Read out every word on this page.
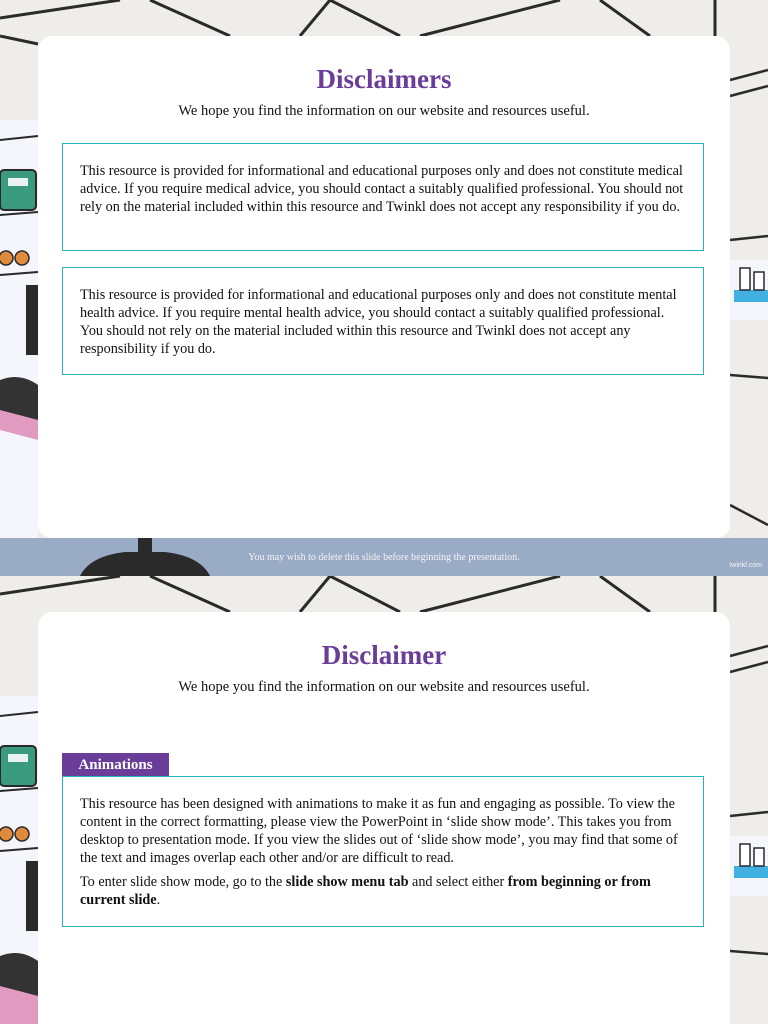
Disclaimers

We hope you find the information on our website and resources useful.

This resource is provided for informational and educational purposes only and does not constitute medical advice. If you require medical advice, you should contact a suitably qualified professional. You should not rely on the material included within this resource and Twinkl does not accept any responsibility if you do.

This resource is provided for informational and educational purposes only and does not constitute mental health advice. If you require mental health advice, you should contact a suitably qualified professional. You should not rely on the material included within this resource and Twinkl does not accept any responsibility if you do.

You may wish to delete this slide before beginning the presentation.
twinkl.com
Disclaimer

We hope you find the information on our website and resources useful.

Animations

This resource has been designed with animations to make it as fun and engaging as possible. To view the content in the correct formatting, please view the PowerPoint in ‘slide show mode’. This takes you from desktop to presentation mode. If you view the slides out of ‘slide show mode’, you may find that some of the text and images overlap each other and/or are difficult to read.

To enter slide show mode, go to the slide show menu tab and select either from beginning or from current slide.
